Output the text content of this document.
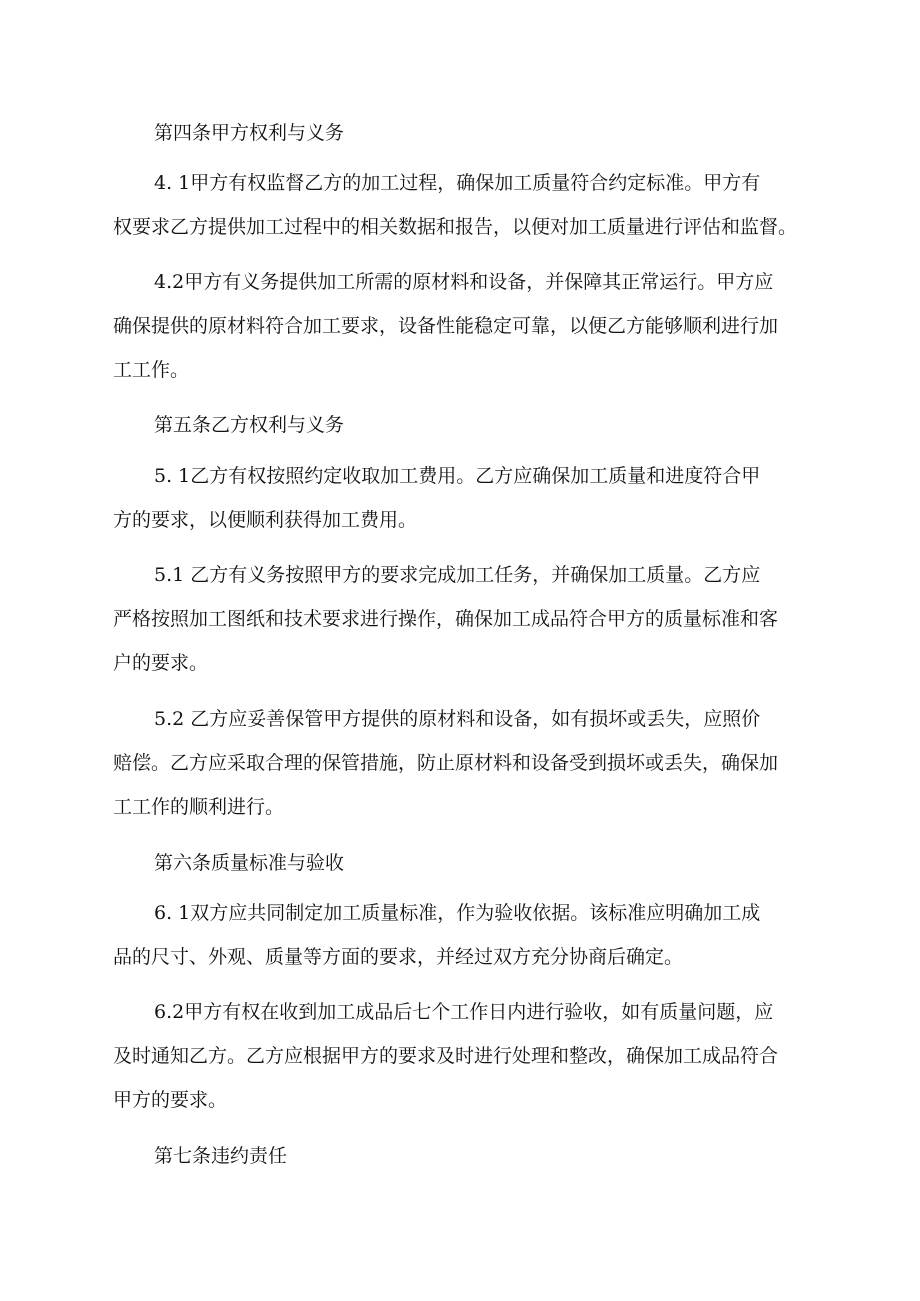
第四条甲方权利与义务
4. 1甲方有权监督乙方的加工过程，确保加工质量符合约定标准。甲方有
权要求乙方提供加工过程中的相关数据和报告，以便对加工质量进行评估和监督。
4.2甲方有义务提供加工所需的原材料和设备，并保障其正常运行。甲方应
确保提供的原材料符合加工要求，设备性能稳定可靠，以便乙方能够顺利进行加
工工作。
第五条乙方权利与义务
5. 1乙方有权按照约定收取加工费用。乙方应确保加工质量和进度符合甲
方的要求，以便顺利获得加工费用。
5.1 乙方有义务按照甲方的要求完成加工任务，并确保加工质量。乙方应
严格按照加工图纸和技术要求进行操作，确保加工成品符合甲方的质量标准和客
户的要求。
5.2 乙方应妥善保管甲方提供的原材料和设备，如有损坏或丢失，应照价
赔偿。乙方应采取合理的保管措施，防止原材料和设备受到损坏或丢失，确保加
工工作的顺利进行。
第六条质量标准与验收
6. 1双方应共同制定加工质量标准，作为验收依据。该标准应明确加工成
品的尺寸、外观、质量等方面的要求，并经过双方充分协商后确定。
6.2甲方有权在收到加工成品后七个工作日内进行验收，如有质量问题，应
及时通知乙方。乙方应根据甲方的要求及时进行处理和整改，确保加工成品符合
甲方的要求。
第七条违约责任
